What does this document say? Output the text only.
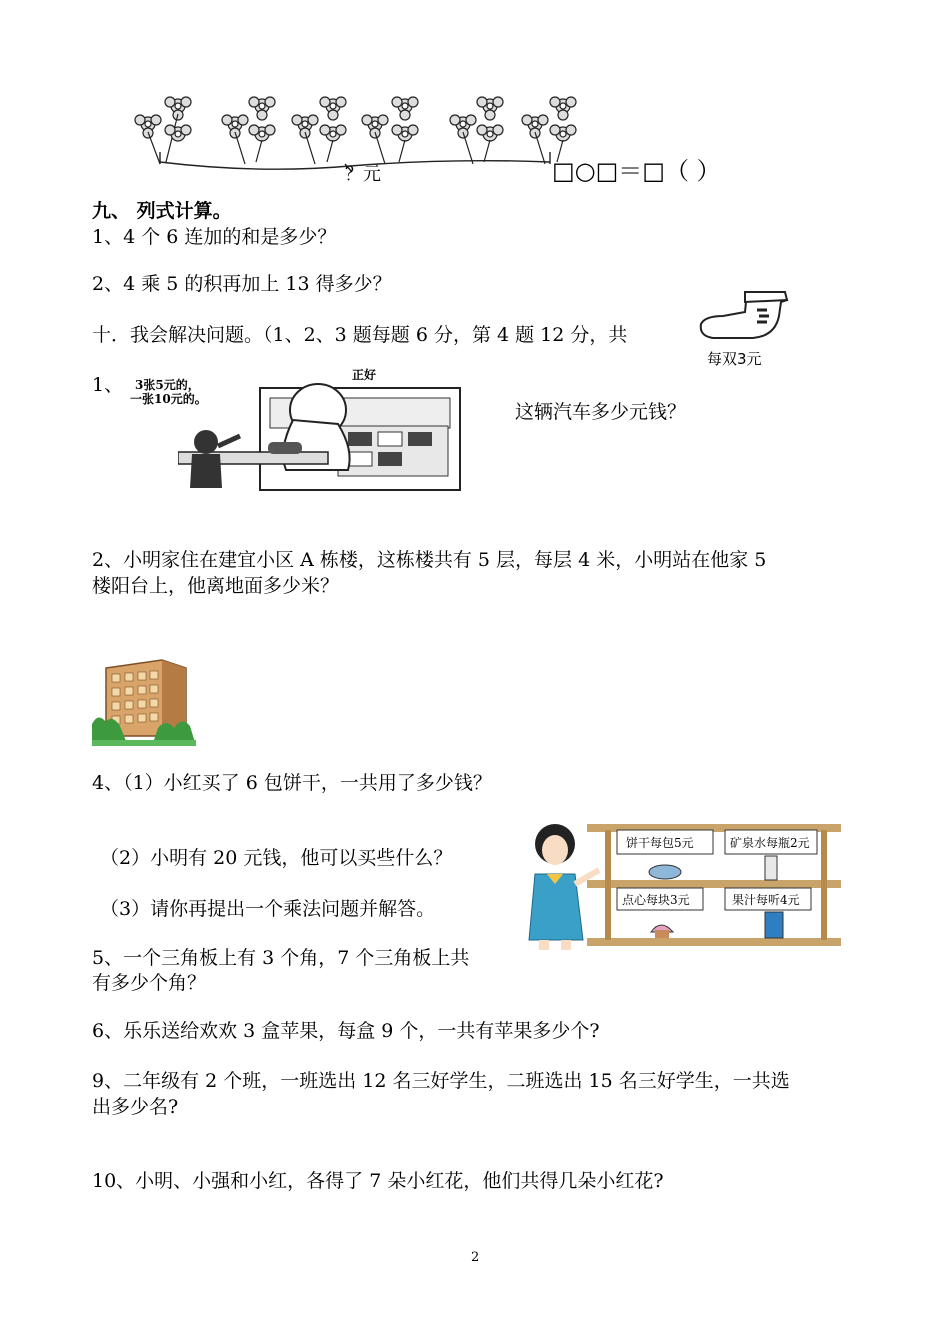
？元	□○□＝□（ ）
九、 列式计算。
1、4 个 6 连加的和是多少？
2、4 乘 5 的积再加上 13 得多少？
十．我会解决问题。（1、2、3 题每题 6 分，第 4 题 12 分，共
每双3元
1、 3张5元的，
一张10元的。
正好
这辆汽车多少元钱？
2、小明家住在建宜小区 A 栋楼，这栋楼共有 5 层，每层 4 米，小明站在他家 5
楼阳台上，他离地面多少米？
4、（1）小红买了 6 包饼干，一共用了多少钱？
（2）小明有 20 元钱，他可以买些什么？
（3）请你再提出一个乘法问题并解答。
饼干每包5元	矿泉水每瓶2元
点心每块3元	果汁每听4元
5、一个三角板上有 3 个角，7 个三角板上共
有多少个角？
6、乐乐送给欢欢 3 盒苹果，每盒 9 个，一共有苹果多少个?
9、二年级有 2 个班，一班选出 12 名三好学生，二班选出 15 名三好学生，一共选
出多少名?
10、小明、小强和小红，各得了 7 朵小红花，他们共得几朵小红花?
2
